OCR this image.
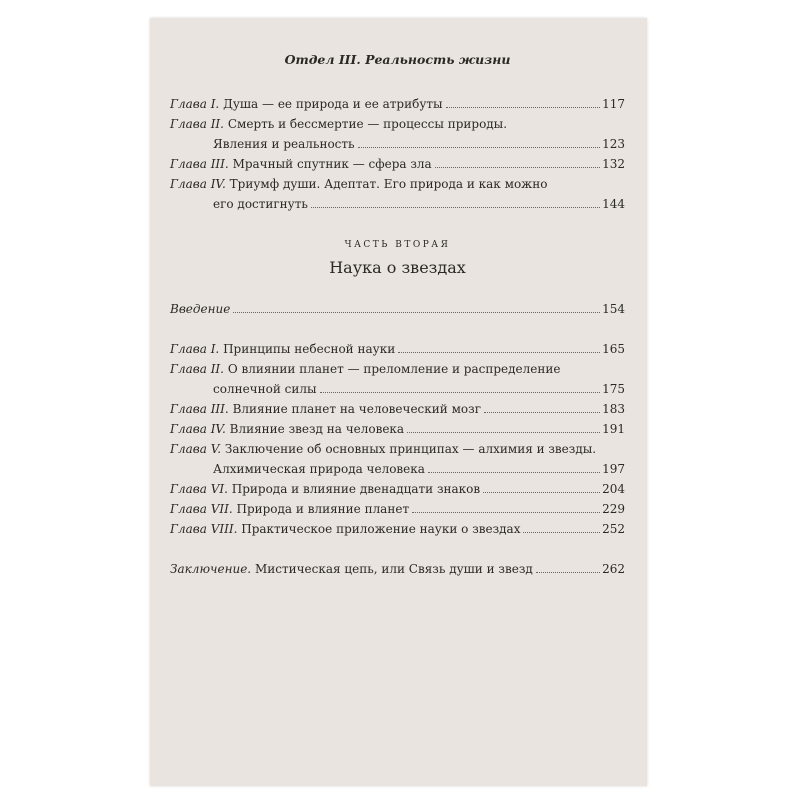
Отдел III. Реальность жизни
Глава I. Душа — ее природа и ее атрибуты	117
Глава II. Смерть и бессмертие — процессы природы.
Явления и реальность	123
Глава III. Мрачный спутник — сфера зла	132
Глава IV. Триумф души. Адептат. Его природа и как можно
его достигнуть	144
ЧАСТЬ ВТОРАЯ
Наука о звездах
Введение	154
Глава I. Принципы небесной науки	165
Глава II. О влиянии планет — преломление и распределение
солнечной силы	175
Глава III. Влияние планет на человеческий мозг	183
Глава IV. Влияние звезд на человека	191
Глава V. Заключение об основных принципах — алхимия и звезды.
Алхимическая природа человека	197
Глава VI. Природа и влияние двенадцати знаков	204
Глава VII. Природа и влияние планет	229
Глава VIII. Практическое приложение науки о звездах	252
Заключение. Мистическая цепь, или Связь души и звезд	262
